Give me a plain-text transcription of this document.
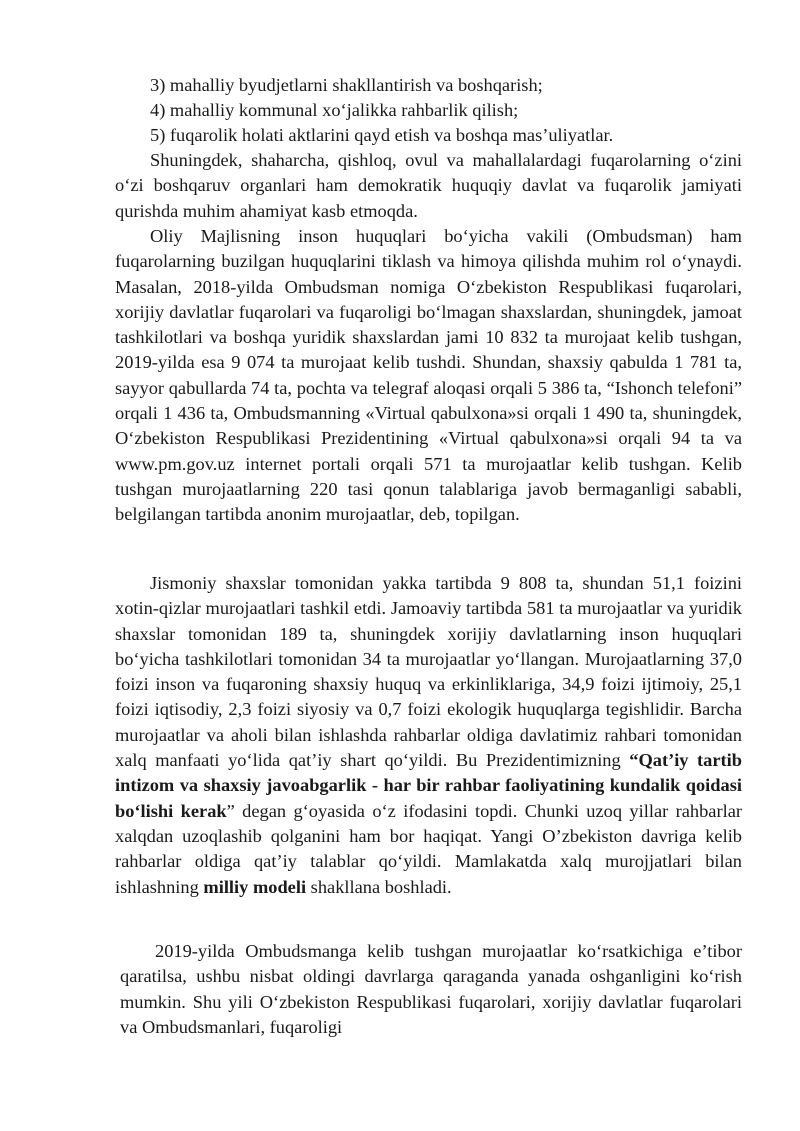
3) mahalliy byudjetlarni shakllantirish va boshqarish;
4) mahalliy kommunal xo‘jalikka rahbarlik qilish;
5) fuqarolik holati aktlarini qayd etish va boshqa mas’uliyatlar.

Shuningdek, shaharcha, qishloq, ovul va mahallalardagi fuqarolarning o‘zini o‘zi boshqaruv organlari ham demokratik huquqiy davlat va fuqarolik jamiyati qurishda muhim ahamiyat kasb etmoqda.

Oliy Majlisning inson huquqlari bo‘yicha vakili (Ombudsman) ham fuqarolarning buzilgan huquqlarini tiklash va himoya qilishda muhim rol o‘ynaydi. Masalan, 2018-yilda Ombudsman nomiga O‘zbekiston Respublikasi fuqarolari, xorijiy davlatlar fuqarolari va fuqaroligi bo‘lmagan shaxslardan, shuningdek, jamoat tashkilotlari va boshqa yuridik shaxslardan jami 10 832 ta murojaat kelib tushgan, 2019-yilda esa 9 074 ta murojaat kelib tushdi. Shundan, shaxsiy qabulda 1 781 ta, sayyor qabullarda 74 ta, pochta va telegraf aloqasi orqali 5 386 ta, “Ishonch telefoni” orqali 1 436 ta, Ombudsmanning «Virtual qabulxona»si orqali 1 490 ta, shuningdek, O‘zbekiston Respublikasi Prezidentining «Virtual qabulxona»si orqali 94 ta va www.pm.gov.uz internet portali orqali 571 ta murojaatlar kelib tushgan. Kelib tushgan murojaatlarning 220 tasi qonun talablariga javob bermaganligi sababli, belgilangan tartibda anonim murojaatlar, deb, topilgan.

Jismoniy shaxslar tomonidan yakka tartibda 9 808 ta, shundan 51,1 foizini xotin-qizlar murojaatlari tashkil etdi. Jamoaviy tartibda 581 ta murojaatlar va yuridik shaxslar tomonidan 189 ta, shuningdek xorijiy davlatlarning inson huquqlari bo‘yicha tashkilotlari tomonidan 34 ta murojaatlar yo‘llangan. Murojaatlarning 37,0 foizi inson va fuqaroning shaxsiy huquq va erkinliklariga, 34,9 foizi ijtimoiy, 25,1 foizi iqtisodiy, 2,3 foizi siyosiy va 0,7 foizi ekologik huquqlarga tegishlidir. Barcha murojaatlar va aholi bilan ishlashda rahbarlar oldiga davlatimiz rahbari tomonidan xalq manfaati yo‘lida qat’iy shart qo‘yildi. Bu Prezidentimizning “Qat’iy tartib intizom va shaxsiy javoabgarlik - har bir rahbar faoliyatining kundalik qoidasi bo‘lishi kerak” degan g‘oyasida o‘z ifodasini topdi. Chunki uzoq yillar rahbarlar xalqdan uzoqlashib qolganini ham bor haqiqat. Yangi O’zbekiston davriga kelib rahbarlar oldiga qat’iy talablar qo‘yildi. Mamlakatda xalq murojjatlari bilan ishlashning milliy modeli shakllana boshladi.

2019-yilda Ombudsmanga kelib tushgan murojaatlar ko‘rsatkichiga e’tibor qaratilsa, ushbu nisbat oldingi davrlarga qaraganda yanada oshganligini ko‘rish mumkin. Shu yili O‘zbekiston Respublikasi fuqarolari, xorijiy davlatlar fuqarolari va Ombudsmanlari, fuqaroligi
